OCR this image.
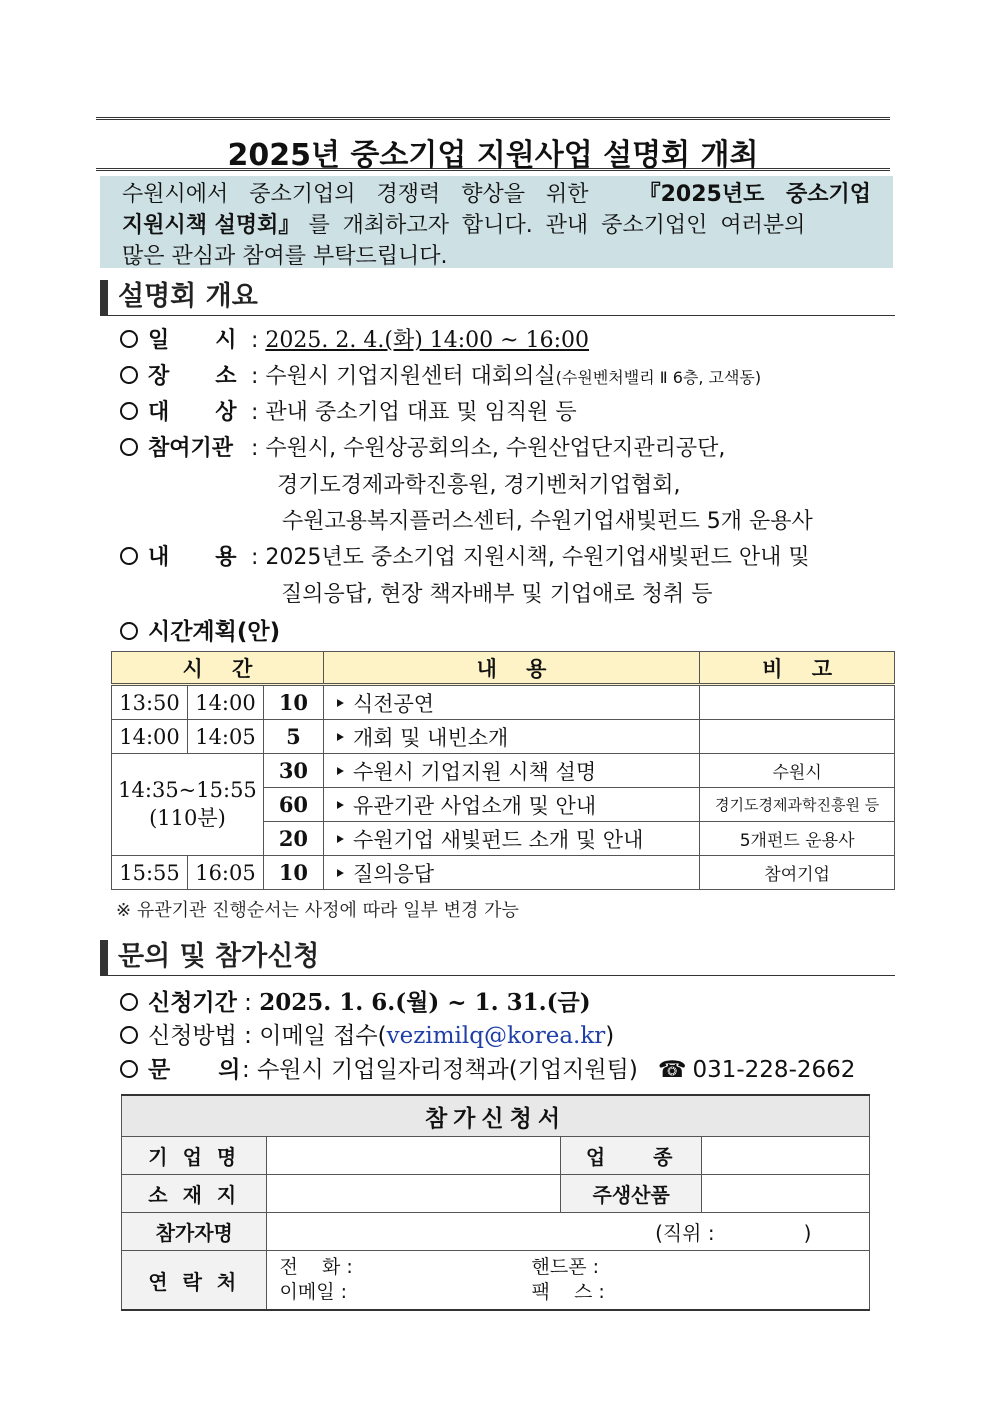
2025년 중소기업 지원사업 설명회 개최
수원시에서 중소기업의 경쟁력 향상을 위한 『2025년도 중소기업
지원시책 설명회』 를 개최하고자 합니다. 관내 중소기업인 여러분의
많은 관심과 참여를 부탁드립니다.
설명회 개요
일      시 : 2025. 2. 4.(화) 14:00 ~ 16:00
장      소 : 수원시 기업지원센터 대회의실(수원벤처밸리 Ⅱ 6층, 고색동)
대      상 : 관내 중소기업 대표 및 임직원 등
참여기관 : 수원시, 수원상공회의소, 수원산업단지관리공단,
경기도경제과학진흥원, 경기벤처기업협회,
수원고용복지플러스센터, 수원기업새빛펀드 5개 운용사
내      용 : 2025년도 중소기업 지원시책, 수원기업새빛펀드 안내 및
질의응답, 현장 책자배부 및 기업애로 청취 등
시간계획(안)
시    간			내    용	비    고
13:50	14:00	10	‣ 식전공연	
14:00	14:05	5	‣ 개회 및 내빈소개	

14:35~15:55
(110분)		30	‣ 수원시 기업지원 시책 설명	수원시
		60	‣ 유관기관 사업소개 및 안내	경기도경제과학진흥원 등
		20	‣ 수원기업 새빛펀드 소개 및 안내	5개펀드 운용사
15:55	16:05	10	‣ 질의응답	참여기업
※ 유관기관 진행순서는 사정에 따라 일부 변경 가능
문의 및 참가신청
신청기간 : 2025. 1. 6.(월) ~ 1. 31.(금)
신청방법 : 이메일 접수(vezimilq@korea.kr)
문      의: 수원시 기업일자리정책과(기업지원팀) ☎ 031-228-2662
참가신청서			
기 업 명		업    종	
소 재 지		주생산품	
참가자명	(직위 :              )		
연 락 처	전    화 : 핸드폰 :
이메일 : 팩    스 :		
